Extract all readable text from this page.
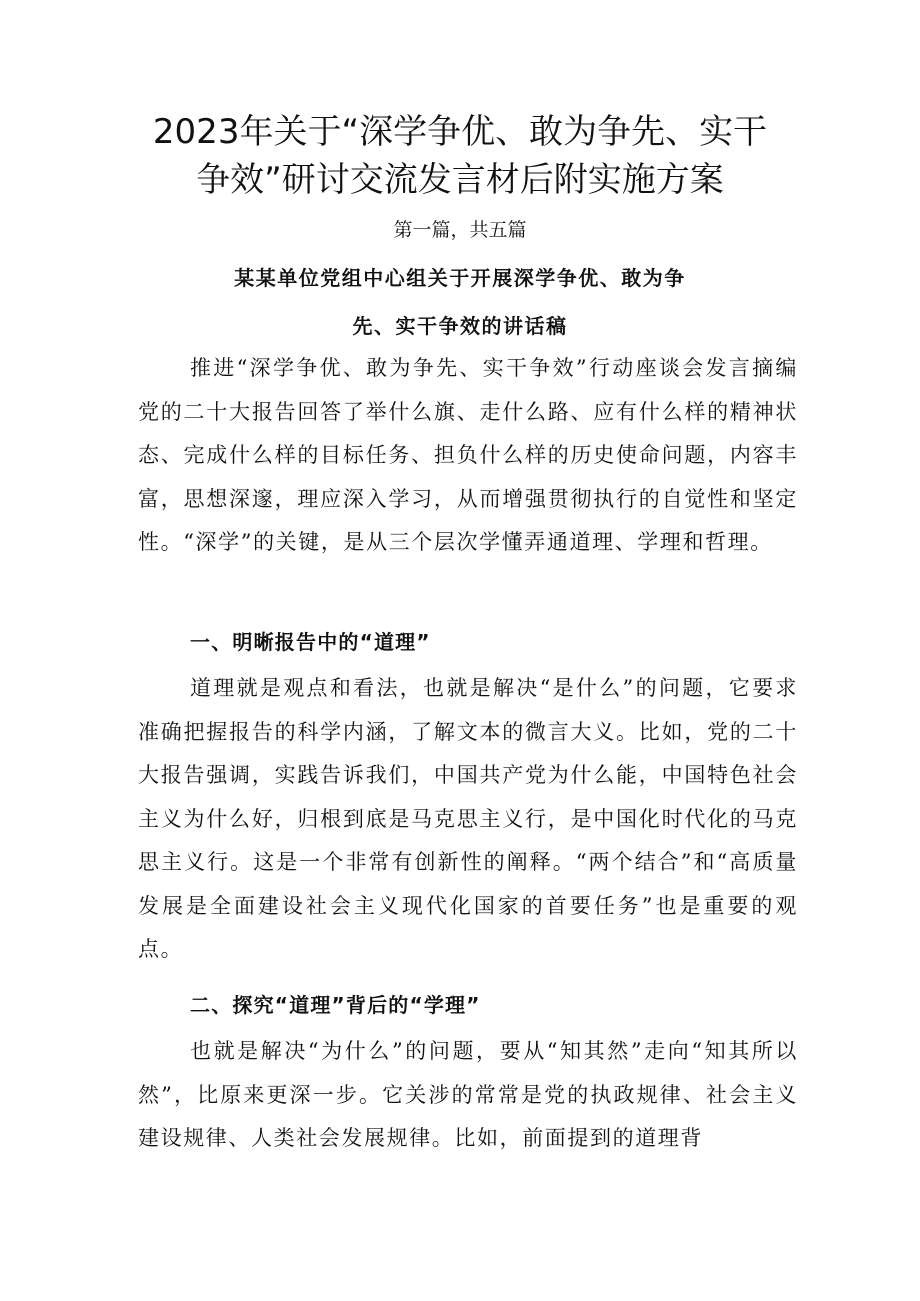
2023年关于“深学争优、敢为争先、实干
争效”研讨交流发言材后附实施方案
第一篇，共五篇
某某单位党组中心组关于开展深学争优、敢为争
先、实干争效的讲话稿

推进“深学争优、敢为争先、实干争效”行动座谈会发言摘编党的二十大报告回答了举什么旗、走什么路、应有什么样的精神状态、完成什么样的目标任务、担负什么样的历史使命问题，内容丰富，思想深邃，理应深入学习，从而增强贯彻执行的自觉性和坚定性。“深学”的关键，是从三个层次学懂弄通道理、学理和哲理。

一、明晰报告中的“道理”

道理就是观点和看法，也就是解决“是什么”的问题，它要求准确把握报告的科学内涵，了解文本的微言大义。比如，党的二十大报告强调，实践告诉我们，中国共产党为什么能，中国特色社会主义为什么好，归根到底是马克思主义行，是中国化时代化的马克思主义行。这是一个非常有创新性的阐释。“两个结合”和“高质量发展是全面建设社会主义现代化国家的首要任务”也是重要的观点。

二、探究“道理”背后的“学理”

也就是解决“为什么”的问题，要从“知其然”走向“知其所以然”，比原来更深一步。它关涉的常常是党的执政规律、社会主义建设规律、人类社会发展规律。比如，前面提到的道理背
